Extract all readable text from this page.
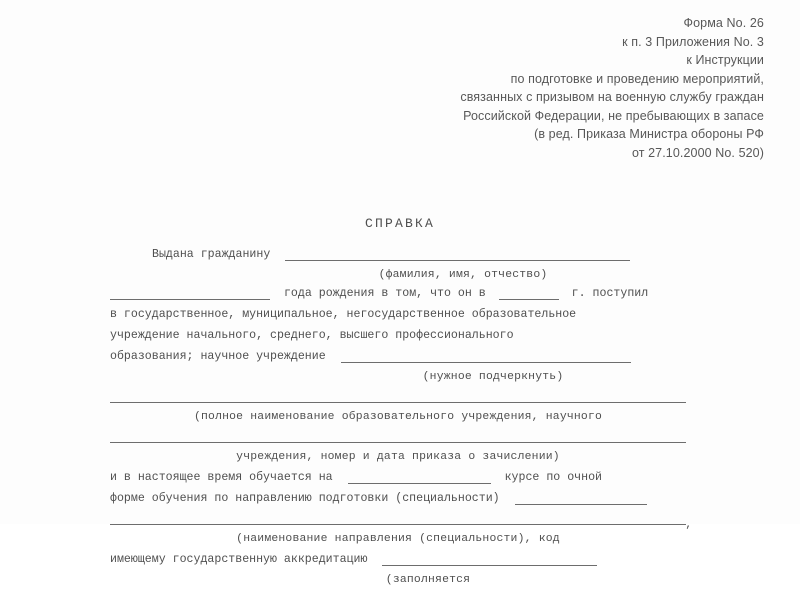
Форма No. 26
к п. 3 Приложения No. 3
к Инструкции
по подготовке и проведению мероприятий,
связанных с призывом на военную службу граждан
Российской Федерации, не пребывающих в запасе
(в ред. Приказа Министра обороны РФ
от 27.10.2000 No. 520)
СПРАВКА
Выдана гражданину
(фамилия, имя, отчество)
года рождения в том, что он в	г. поступил
в государственное, муниципальное, негосударственное образовательное
учреждение начального, среднего, высшего профессионального
образования; научное учреждение
(нужное подчеркнуть)
(полное наименование образовательного учреждения, научного
учреждения, номер и дата приказа о зачислении)
и в настоящее время обучается на	курсе по очной
форме обучения по направлению подготовки (специальности)
,
(наименование направления (специальности), код
имеющему государственную аккредитацию
(заполняется
